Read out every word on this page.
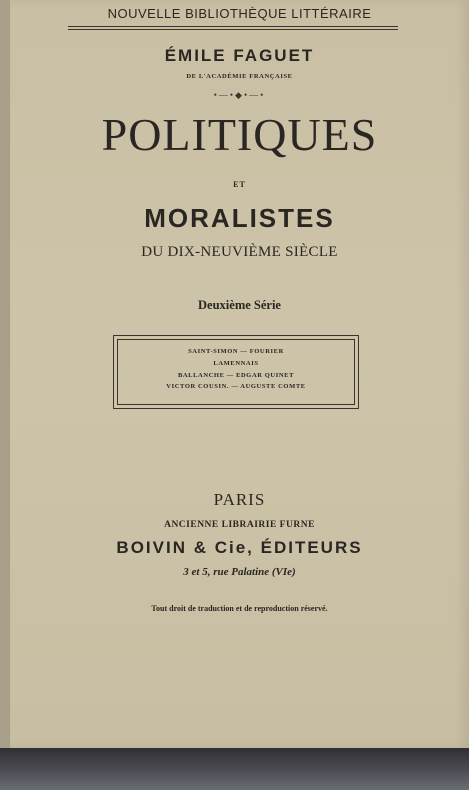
NOUVELLE BIBLIOTHÈQUE LITTÉRAIRE
ÉMILE FAGUET
DE L'ACADÉMIE FRANÇAISE
•—•◆•—•
POLITIQUES
ET
MORALISTES
DU DIX-NEUVIÈME SIÈCLE
Deuxième Série
SAINT-SIMON — FOURIER
LAMENNAIS
BALLANCHE — EDGAR QUINET
VICTOR COUSIN. — AUGUSTE COMTE
PARIS
ANCIENNE LIBRAIRIE FURNE
BOIVIN & Cie, ÉDITEURS
3 et 5, rue Palatine (VIe)
Tout droit de traduction et de reproduction réservé.
